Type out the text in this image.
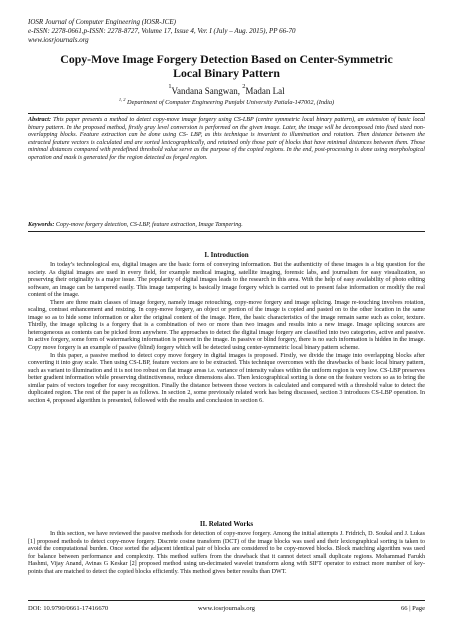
IOSR Journal of Computer Engineering (IOSR-JCE)
e-ISSN: 2278-0661,p-ISSN: 2278-8727, Volume 17, Issue 4, Ver. I (July – Aug. 2015), PP 66-70
www.iosrjournals.org
Copy-Move Image Forgery Detection Based on Center-Symmetric
Local Binary Pattern
$^1$Vandana Sangwan, $^2$Madan Lal
$^{1, 2}$ Department of Computer Engineering Punjabi University Patiala-147002, (India)
Abstract: This paper presents a method to detect copy-move image forgery using CS-LBP (centre symmetric local binary pattern), an extension of basic local binary pattern. In the proposed method, firstly gray level conversion is performed on the given image. Later, the image will be decomposed into fixed sized non-overlapping blocks. Feature extraction can be done using CS- LBP, as this technique is invariant to illumination and rotation. Then distance between the extracted feature vectors is calculated and are sorted lexicographically, and retained only those pair of blocks that have minimal distances between them. Those minimal distances compared with predefined threshold value serve as the purpose of the copied regions. In the end, post-processing is done using morphological operation and mask is generated for the region detected as forged region.
Keywords: Copy-move forgery detection, CS-LBP, feature extraction, Image Tampering.
I. Introduction

In today’s technological era, digital images are the basic form of conveying information. But the authenticity of these images is a big question for the society. As digital images are used in every field, for example medical imaging, satellite imaging, forensic labs, and journalism for easy visualization, so preserving their originality is a major issue. The popularity of digital images leads to the research in this area. With the help of easy availability of photo editing software, an image can be tampered easily. This image tampering is basically image forgery which is carried out to present false information or modify the real content of the image.

There are three main classes of image forgery, namely image retouching, copy-move forgery and image splicing. Image re-touching involves rotation, scaling, contrast enhancement and resizing. In copy-move forgery, an object or portion of the image is copied and pasted on to the other location in the same image so as to hide some information or alter the original content of the image. Here, the basic characteristics of the image remain same such as color, texture. Thirdly, the image splicing is a forgery that is a combination of two or more than two images and results into a new image. Image splicing sources are heterogeneous as contents can be picked from anywhere. The approaches to detect the digital image forgery are classified into two categories, active and passive. In active forgery, some form of watermarking information is present in the image. In passive or blind forgery, there is no such information is hidden in the image. Copy move forgery is an example of passive (blind) forgery which will be detected using center-symmetric local binary pattern scheme.

In this paper, a passive method to detect copy move forgery in digital images is proposed. Firstly, we divide the image into overlapping blocks after converting it into gray scale. Then using CS-LBP, feature vectors are to be extracted. This technique overcomes with the drawbacks of basic local binary pattern, such as variant to illumination and it is not too robust on flat image areas i.e. variance of intensity values within the uniform region is very low. CS-LBP preserves better gradient information while preserving distinctiveness, reduce dimensions also. Then lexicographical sorting is done on the feature vectors so as to bring the similar pairs of vectors together for easy recognition. Finally the distance between those vectors is calculated and compared with a threshold value to detect the duplicated region. The rest of the paper is as follows. In section 2, some previously related work has being discussed, section 3 introduces CS-LBP operation. In section 4, proposed algorithm is presented, followed with the results and conclusion in section 6.

II. Related Works

In this section, we have reviewed the passive methods for detection of copy-move forgery. Among the initial attempts J. Fridrich, D. Soukal and J. Lukas [1] proposed methods to detect copy-move forgery. Discrete cosine transform (DCT) of the image blocks was used and their lexicographical sorting is taken to avoid the computational burden. Once sorted the adjacent identical pair of blocks are considered to be copy-moved blocks. Block matching algorithm was used for balance between performance and complexity. This method suffers from the drawback that it cannot detect small duplicate regions. Mohammad Farukh Hashmi, Vijay Anand, Avinas G Keskar [2] proposed method using un-decimated wavelet transform along with SIFT operator to extract more number of key-points that are matched to detect the copied blocks efficiently. This method gives better results than DWT.

DOI: 10.9790/0661-17416670	www.iosrjournals.org	66 | Page
